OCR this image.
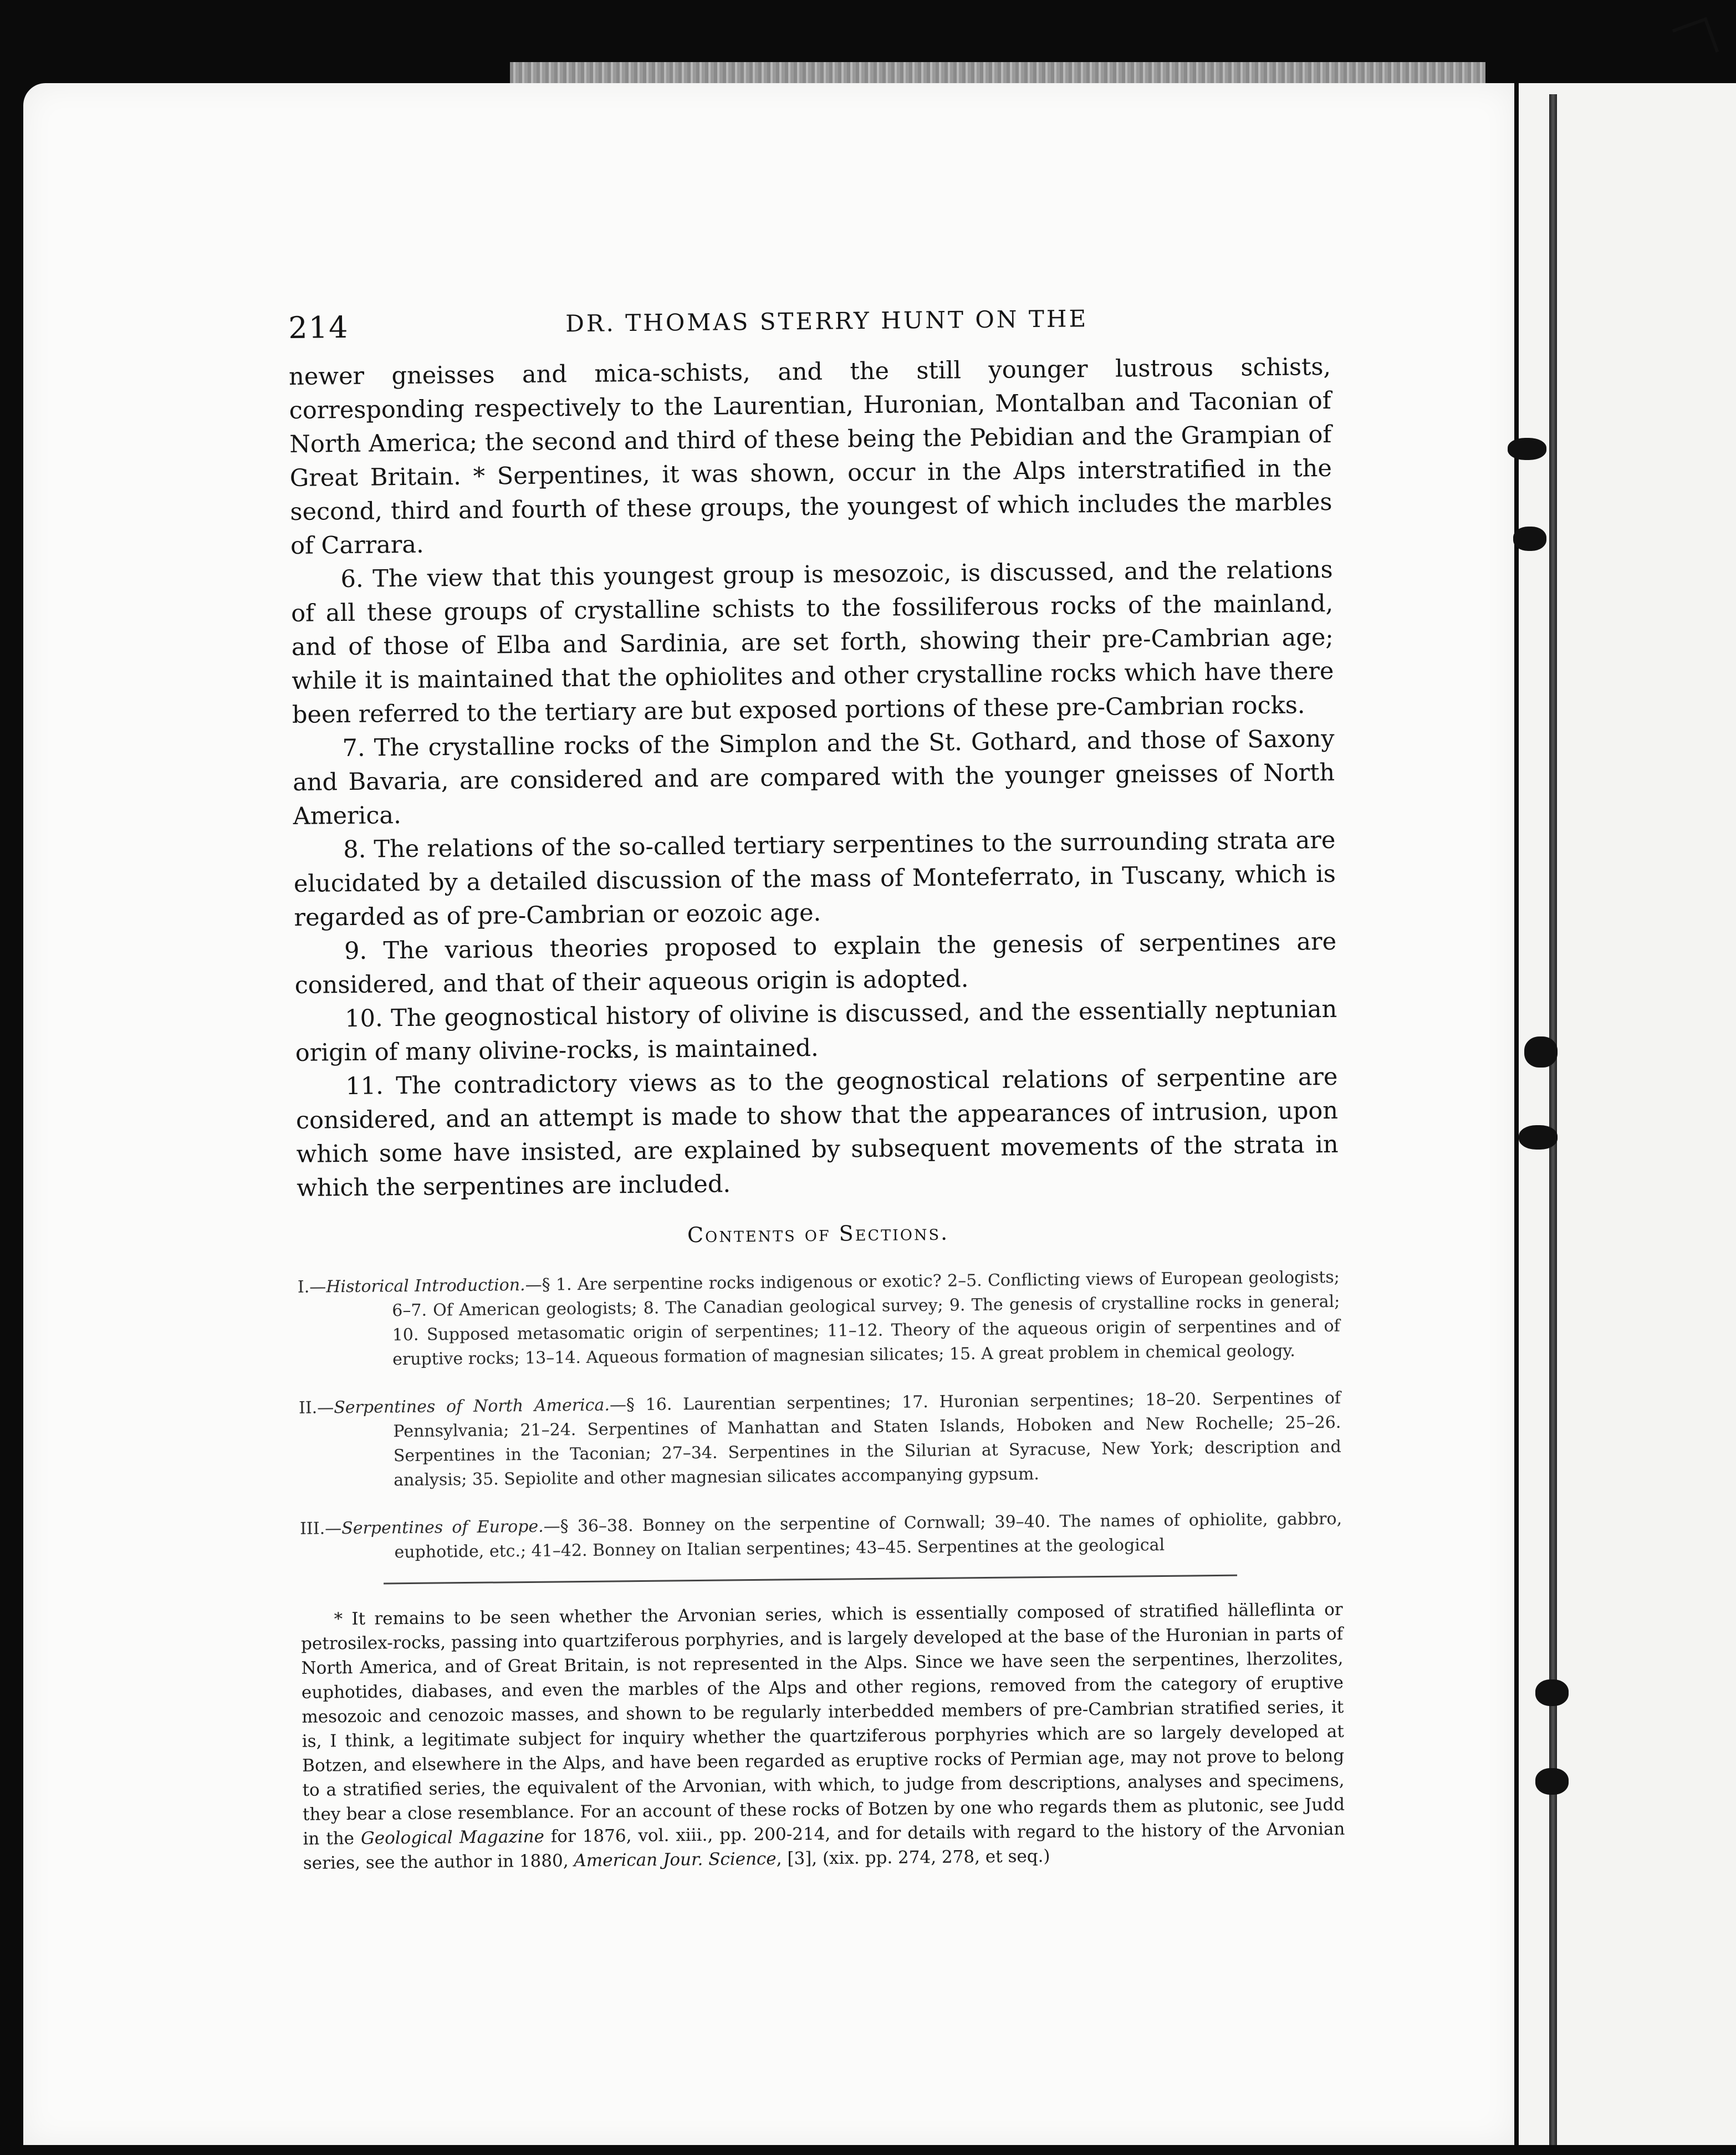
214	DR. THOMAS STERRY HUNT ON THE

newer gneisses and mica-schists, and the still younger lustrous schists, corresponding respectively to the Laurentian, Huronian, Montalban and Taconian of North America; the second and third of these being the Pebidian and the Grampian of Great Britain. * Serpentines, it was shown, occur in the Alps interstratified in the second, third and fourth of these groups, the youngest of which includes the marbles of Carrara.

6. The view that this youngest group is mesozoic, is discussed, and the relations of all these groups of crystalline schists to the fossiliferous rocks of the mainland, and of those of Elba and Sardinia, are set forth, showing their pre-Cambrian age; while it is maintained that the ophiolites and other crystalline rocks which have there been referred to the tertiary are but exposed portions of these pre-Cambrian rocks.

7. The crystalline rocks of the Simplon and the St. Gothard, and those of Saxony and Bavaria, are considered and are compared with the younger gneisses of North America.

8. The relations of the so-called tertiary serpentines to the surrounding strata are elucidated by a detailed discussion of the mass of Monteferrato, in Tuscany, which is regarded as of pre-Cambrian or eozoic age.

9. The various theories proposed to explain the genesis of serpentines are considered, and that of their aqueous origin is adopted.

10. The geognostical history of olivine is discussed, and the essentially neptunian origin of many olivine-rocks, is maintained.

11. The contradictory views as to the geognostical relations of serpentine are considered, and an attempt is made to show that the appearances of intrusion, upon which some have insisted, are explained by subsequent movements of the strata in which the serpentines are included.

Contents of Sections.

I.—Historical Introduction.—§ 1. Are serpentine rocks indigenous or exotic? 2–5. Conflicting views of European geologists; 6–7. Of American geologists; 8. The Canadian geological survey; 9. The genesis of crystalline rocks in general; 10. Supposed metasomatic origin of serpentines; 11–12. Theory of the aqueous origin of serpentines and of eruptive rocks; 13–14. Aqueous formation of magnesian silicates; 15. A great problem in chemical geology.

II.—Serpentines of North America.—§ 16. Laurentian serpentines; 17. Huronian serpentines; 18–20. Serpentines of Pennsylvania; 21–24. Serpentines of Manhattan and Staten Islands, Hoboken and New Rochelle; 25–26. Serpentines in the Taconian; 27–34. Serpentines in the Silurian at Syracuse, New York; description and analysis; 35. Sepiolite and other magnesian silicates accompanying gypsum.

III.—Serpentines of Europe.—§ 36–38. Bonney on the serpentine of Cornwall; 39–40. The names of ophiolite, gabbro, euphotide, etc.; 41–42. Bonney on Italian serpentines; 43–45. Serpentines at the geological

* It remains to be seen whether the Arvonian series, which is essentially composed of stratified hälleflinta or petrosilex-rocks, passing into quartziferous porphyries, and is largely developed at the base of the Huronian in parts of North America, and of Great Britain, is not represented in the Alps. Since we have seen the serpentines, lherzolites, euphotides, diabases, and even the marbles of the Alps and other regions, removed from the category of eruptive mesozoic and cenozoic masses, and shown to be regularly interbedded members of pre-Cambrian stratified series, it is, I think, a legitimate subject for inquiry whether the quartziferous porphyries which are so largely developed at Botzen, and elsewhere in the Alps, and have been regarded as eruptive rocks of Permian age, may not prove to belong to a stratified series, the equivalent of the Arvonian, with which, to judge from descriptions, analyses and specimens, they bear a close resemblance. For an account of these rocks of Botzen by one who regards them as plutonic, see Judd in the Geological Magazine for 1876, vol. xiii., pp. 200-214, and for details with regard to the history of the Arvonian series, see the author in 1880, American Jour. Science, [3], (xix. pp. 274, 278, et seq.)
